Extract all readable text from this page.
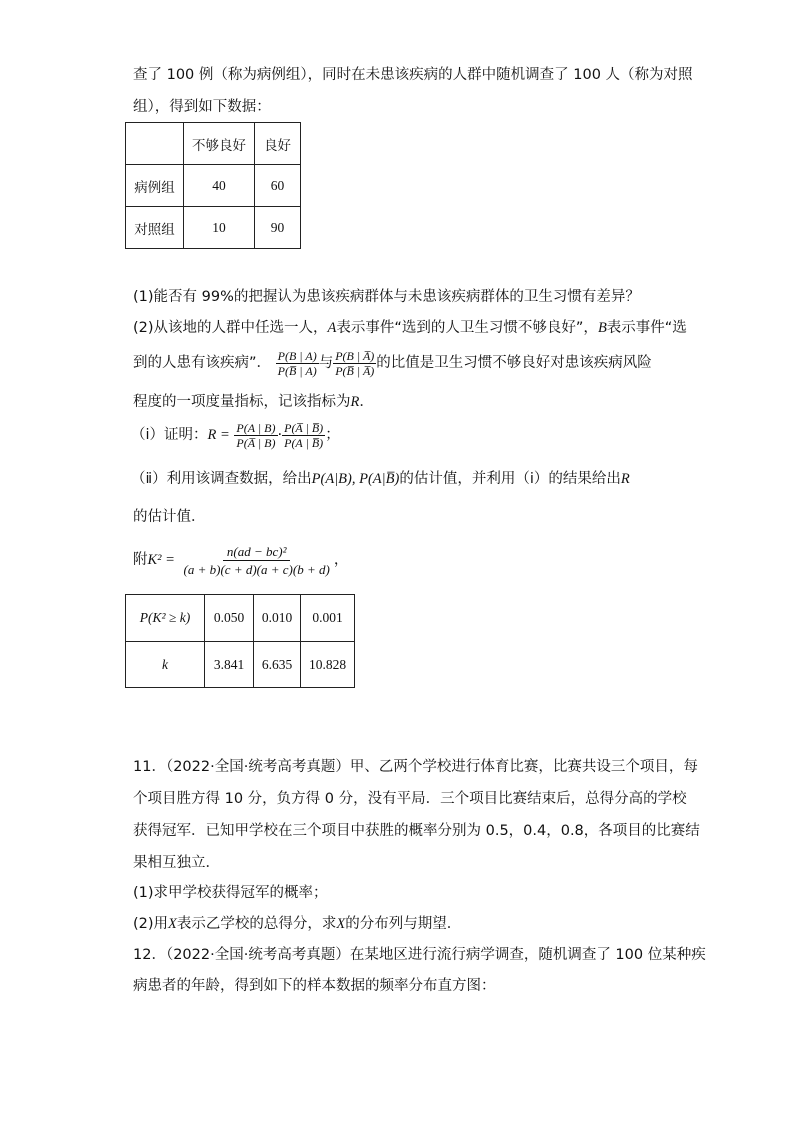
查了 100 例（称为病例组），同时在未患该疾病的人群中随机调查了 100 人（称为对照
组），得到如下数据：
	不够良好	良好
病例组	40	60
对照组	10	90
(1)能否有 99%的把握认为患该疾病群体与未患该疾病群体的卫生习惯有差异？
(2)从该地的人群中任选一人，A表示事件“选到的人卫生习惯不够良好”，B表示事件“选
到的人患有该疾病”． $\frac{P(B | A)}{P(B̅ | A)}$ 与 $\frac{P(B | A̅)}{P(B̅ | A̅)}$ 的比值是卫生习惯不够良好对患该疾病风险
程度的一项度量指标，记该指标为R．
（ⅰ）证明：$R = \frac{P(A | B)}{P(A̅ | B)} \cdot \frac{P(A̅ | B̅)}{P(A | B̅)}$ ；
（ⅱ）利用该调查数据，给出P(A|B), P(A|B̅)的估计值，并利用（ⅰ）的结果给出R
的估计值．
附$K^2 = \frac{\text{n(ad − bc)²}}{(a + b)(c + d)(a + c)(b + d)}$ ，
P(K² ≥ k)	0.050	0.010	0.001
k	3.841	6.635	10.828
11．（2022·全国·统考高考真题）甲、乙两个学校进行体育比赛，比赛共设三个项目，每
个项目胜方得 10 分，负方得 0 分，没有平局．三个项目比赛结束后，总得分高的学校
获得冠军．已知甲学校在三个项目中获胜的概率分别为 0.5，0.4，0.8，各项目的比赛结
果相互独立．
(1)求甲学校获得冠军的概率；
(2)用X表示乙学校的总得分，求X的分布列与期望．
12．（2022·全国·统考高考真题）在某地区进行流行病学调查，随机调查了 100 位某种疾
病患者的年龄，得到如下的样本数据的频率分布直方图：
